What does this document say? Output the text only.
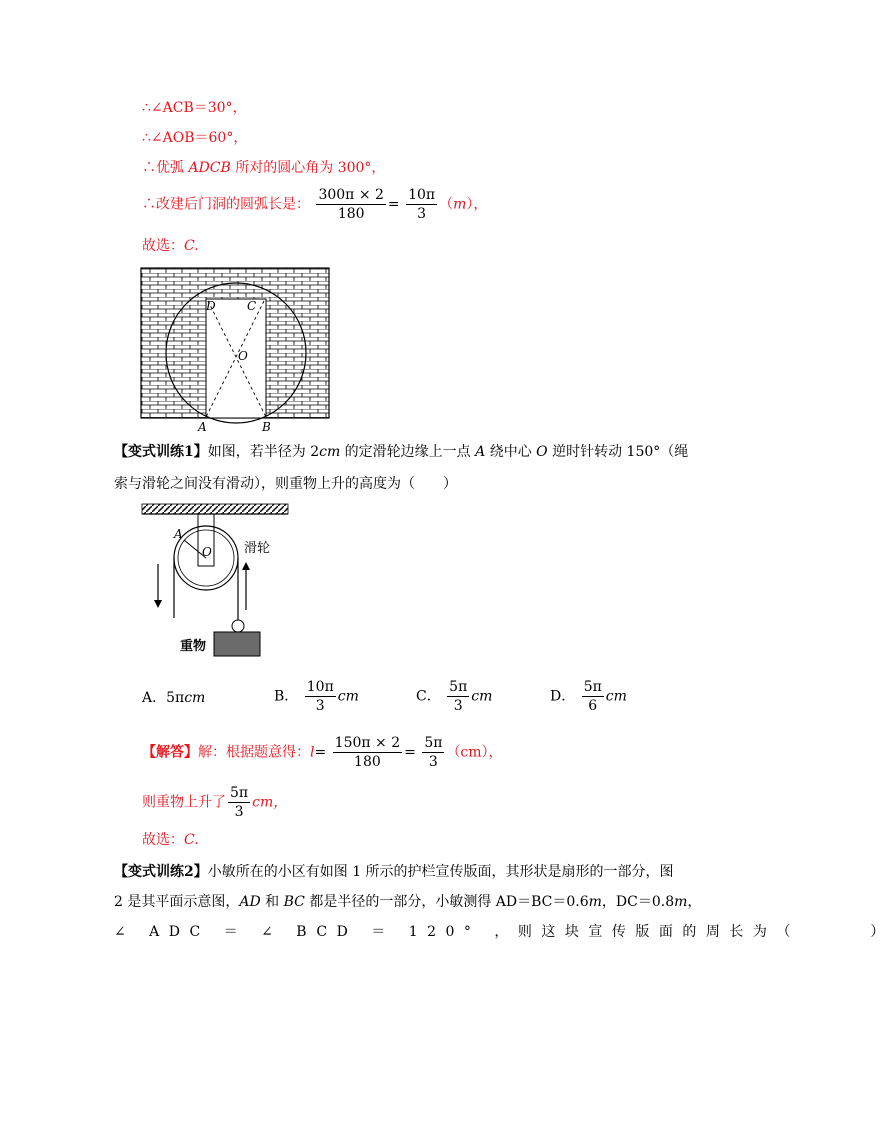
∴∠ACB＝30°，
∴∠AOB＝60°，
∴优弧 ADCB 所对的圆心角为 300°，
∴改建后门洞的圆弧长是： $\frac{300\pi \times 2}{180} = \frac{10\pi}{3} (m)$，
故选：C.
D	C
O
A	B
【变式训练1】如图，若半径为 2cm 的定滑轮边缘上一点 A 绕中心 O 逆时针转动 150°（绳
索与滑轮之间没有滑动），则重物上升的高度为（　　）
A
O 滑轮
重物
A．5πcm	B． $\frac{10\pi}{3}$ cm	C． $\frac{5\pi}{3}$ cm	D． $\frac{5\pi}{6}$ cm
【解答】解：根据题意得：$l= \frac{150\pi \times 2}{180} = \frac{5\pi}{3} (cm)$，
则重物上升了 $\frac{5\pi}{3}$ cm，
故选：C.
【变式训练2】小敏所在的小区有如图 1 所示的护栏宣传版面，其形状是扇形的一部分，图
2 是其平面示意图，AD 和 BC 都是半径的一部分，小敏测得 AD＝BC＝0.6m，DC＝0.8m，
∠ ADC ＝ ∠ BCD ＝ 120° ，则这块宣传版面的周长为（　　　）
